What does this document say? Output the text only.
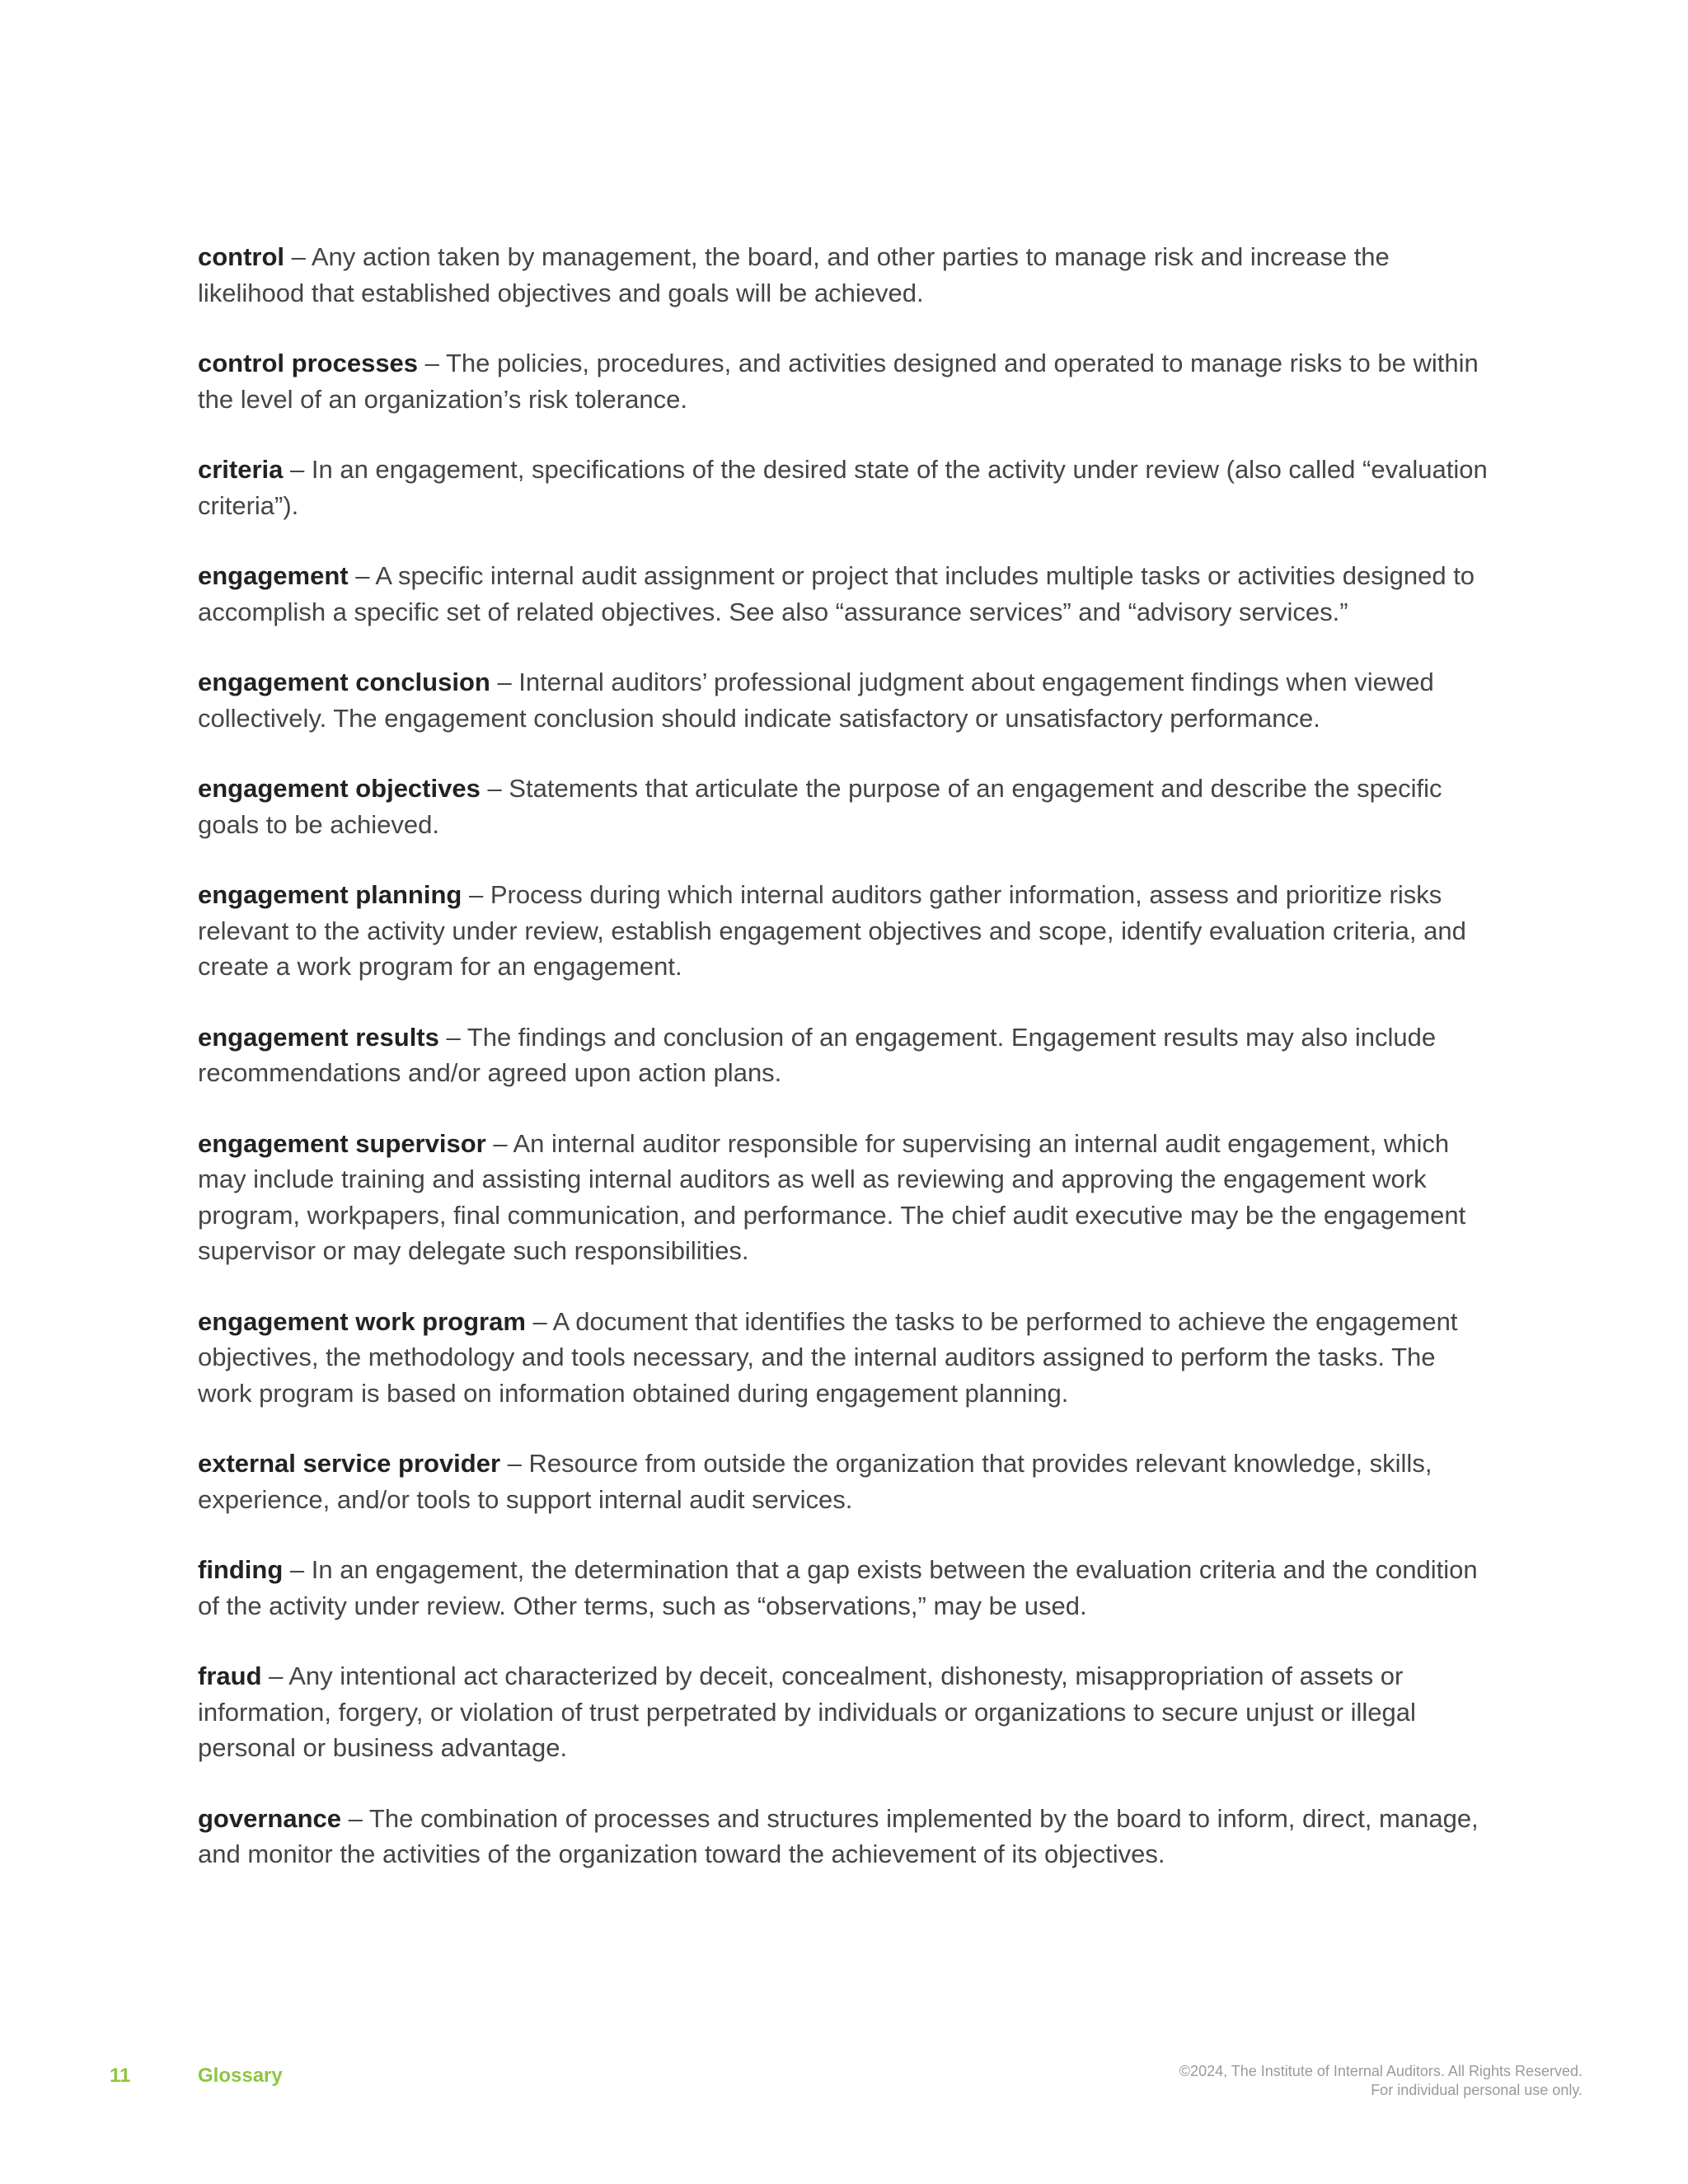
control – Any action taken by management, the board, and other parties to manage risk and increase the likelihood that established objectives and goals will be achieved.

control processes – The policies, procedures, and activities designed and operated to manage risks to be within the level of an organization’s risk tolerance.

criteria – In an engagement, specifications of the desired state of the activity under review (also called “evaluation criteria”).

engagement – A specific internal audit assignment or project that includes multiple tasks or activities designed to accomplish a specific set of related objectives. See also “assurance services” and “advisory services.”

engagement conclusion – Internal auditors’ professional judgment about engagement findings when viewed collectively. The engagement conclusion should indicate satisfactory or unsatisfactory performance.

engagement objectives – Statements that articulate the purpose of an engagement and describe the specific goals to be achieved.

engagement planning – Process during which internal auditors gather information, assess and prioritize risks relevant to the activity under review, establish engagement objectives and scope, identify evaluation criteria, and create a work program for an engagement.

engagement results – The findings and conclusion of an engagement. Engagement results may also include recommendations and/or agreed upon action plans.

engagement supervisor – An internal auditor responsible for supervising an internal audit engagement, which may include training and assisting internal auditors as well as reviewing and approving the engagement work program, workpapers, final communication, and performance. The chief audit executive may be the engagement supervisor or may delegate such responsibilities.

engagement work program – A document that identifies the tasks to be performed to achieve the engagement objectives, the methodology and tools necessary, and the internal auditors assigned to perform the tasks. The work program is based on information obtained during engagement planning.

external service provider – Resource from outside the organization that provides relevant knowledge, skills, experience, and/or tools to support internal audit services.

finding – In an engagement, the determination that a gap exists between the evaluation criteria and the condition of the activity under review. Other terms, such as “observations,” may be used.

fraud – Any intentional act characterized by deceit, concealment, dishonesty, misappropriation of assets or information, forgery, or violation of trust perpetrated by individuals or organizations to secure unjust or illegal personal or business advantage.

governance – The combination of processes and structures implemented by the board to inform, direct, manage, and monitor the activities of the organization toward the achievement of its objectives.

11	Glossary	©2024, The Institute of Internal Auditors. All Rights Reserved.
For individual personal use only.
